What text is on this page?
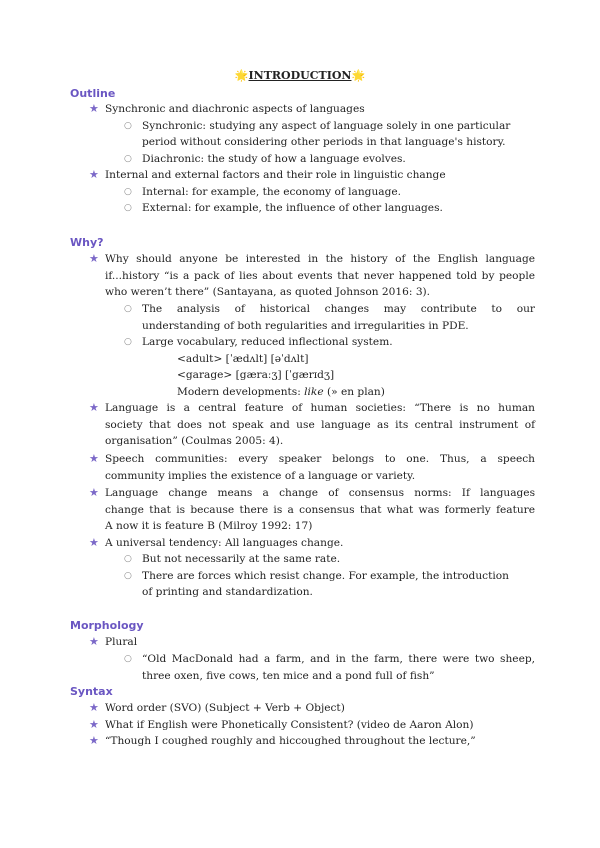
🌟INTRODUCTION🌟
Outline
★ Synchronic and diachronic aspects of languages
○ Synchronic: studying any aspect of language solely in one particular
period without considering other periods in that language's history.
○ Diachronic: the study of how a language evolves.
★ Internal and external factors and their role in linguistic change
○ Internal: for example, the economy of language.
○ External: for example, the influence of other languages.
Why?
★ Why should anyone be interested in the history of the English language
if...history “is a pack of lies about events that never happened told by people
who weren’t there” (Santayana, as quoted Johnson 2016: 3).
○ The analysis of historical changes may contribute to our
understanding of both regularities and irregularities in PDE.
○ Large vocabulary, reduced inflectional system.
<adult> [ˈædʌlt] [əˈdʌlt]
<garage> [gæraːʒ] [ˈgærɪdʒ]
Modern developments: like (» en plan)
★ Language is a central feature of human societies: “There is no human
society that does not speak and use language as its central instrument of
organisation” (Coulmas 2005: 4).
★ Speech communities: every speaker belongs to one. Thus, a speech
community implies the existence of a language or variety.
★ Language change means a change of consensus norms: If languages
change that is because there is a consensus that what was formerly feature
A now it is feature B (Milroy 1992: 17)
★ A universal tendency: All languages change.
○ But not necessarily at the same rate.
○ There are forces which resist change. For example, the introduction
of printing and standardization.
Morphology
★ Plural
○ “Old MacDonald had a farm, and in the farm, there were two sheep,
three oxen, five cows, ten mice and a pond full of fish”
Syntax
★ Word order (SVO) (Subject + Verb + Object)
★ What if English were Phonetically Consistent? (video de Aaron Alon)
★ “Though I coughed roughly and hiccoughed throughout the lecture,”
